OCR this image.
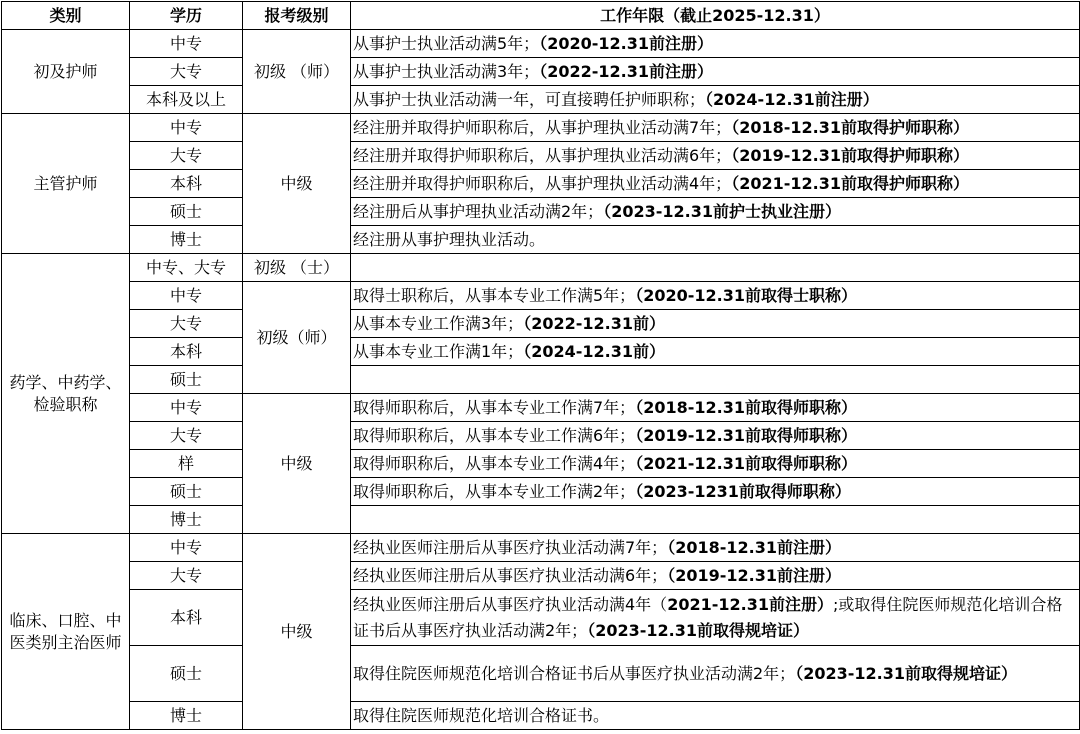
类别	学历	报考级别	工作年限（截止2025-12.31）
初及护师	中专	初级 （师）	从事护士执业活动满5年；（2020-12.31前注册）
	大专		从事护士执业活动满3年；（2022-12.31前注册）
	本科及以上		从事护士执业活动满一年，可直接聘任护师职称；（2024-12.31前注册）
主管护师	中专	中级	经注册并取得护师职称后，从事护理执业活动满7年；（2018-12.31前取得护师职称）
	大专		经注册并取得护师职称后，从事护理执业活动满6年；（2019-12.31前取得护师职称）
	本科		经注册并取得护师职称后，从事护理执业活动满4年；（2021-12.31前取得护师职称）
	硕士		经注册后从事护理执业活动满2年；（2023-12.31前护士执业注册）
	博士		经注册从事护理执业活动。
药学、中药学、检验职称	中专、大专	初级 （士）	
	中专	初级（师）	取得士职称后，从事本专业工作满5年；（2020-12.31前取得士职称）
	大专		从事本专业工作满3年；（2022-12.31前）
	本科		从事本专业工作满1年；（2024-12.31前）
	硕士		
	中专	中级	取得师职称后，从事本专业工作满7年；（2018-12.31前取得师职称）
	大专		取得师职称后，从事本专业工作满6年；（2019-12.31前取得师职称）
	样		取得师职称后，从事本专业工作满4年；（2021-12.31前取得师职称）
	硕士		取得师职称后，从事本专业工作满2年；（2023-1231前取得师职称）
	博士		
临床、口腔、中医类别主治医师	中专	中级	经执业医师注册后从事医疗执业活动满7年；（2018-12.31前注册）
	大专		经执业医师注册后从事医疗执业活动满6年；（2019-12.31前注册）
	本科		经执业医师注册后从事医疗执业活动满4年（2021-12.31前注册）;或取得住院医师规范化培训合格证书后从事医疗执业活动满2年；（2023-12.31前取得规培证）
	硕士		取得住院医师规范化培训合格证书后从事医疗执业活动满2年；（2023-12.31前取得规培证）
	博士		取得住院医师规范化培训合格证书。
